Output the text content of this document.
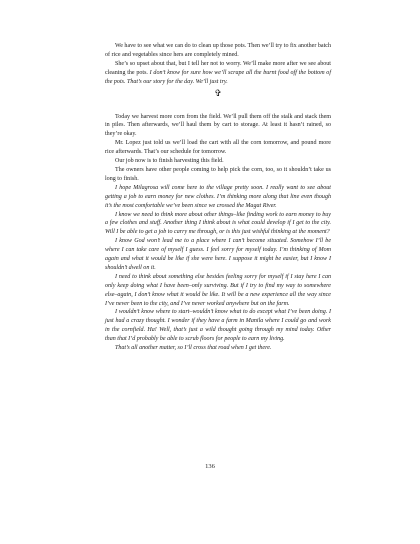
We have to see what we can do to clean up those pots. Then we’ll try to fix another batch of rice and vegetables since hers are completely mined.

She’s so upset about that, but I tell her not to worry. We’ll make more after we see about cleaning the pots. I don’t know for sure how we’ll scrape all the burnt food off the bottom of the pots. That’s our story for the day. We’ll just try.

✞

Today we harvest more corn from the field. We’ll pull them off the stalk and stack them in piles. Then afterwards, we’ll haul them by cart to storage. At least it hasn’t rained, so they’re okay.

Mr. Lopez just told us we’ll load the cart with all the corn tomorrow, and pound more rice afterwards. That’s our schedule for tomorrow.

Our job now is to finish harvesting this field.

The owners have other people coming to help pick the corn, too, so it shouldn’t take us long to finish.

I hope Milagrosa will come here to the village pretty soon. I really want to see about getting a job to earn money for new clothes. I’m thinking more along that line even though it’s the most comfortable we’ve been since we crossed the Magat River.

I know we need to think more about other things–like finding work to earn money to buy a few clothes and stuff. Another thing I think about is what could develop if I get to the city. Will I be able to get a job to carry me through, or is this just wishful thinking at the moment?

I know God won’t lead me to a place where I can’t become situated. Somehow I’ll be where I can take care of myself I guess. I feel sorry for myself today. I’m thinking of Mom again and what it would be like if she were here. I suppose it might be easier, but I know I shouldn’t dwell on it.

I need to think about something else besides feeling sorry for myself if I stay here I can only keep doing what I have been–only surviving. But if I try to find my way to somewhere else–again, I don’t know what it would be like. It will be a new experience all the way since I’ve never been to the city, and I’ve never worked anywhere but on the farm.

I wouldn’t know where to start–wouldn’t know what to do except what I’ve been doing. I just had a crazy thought. I wonder if they have a farm in Manila where I could go and work in the cornfield. Ha! Well, that’s just a wild thought going through my mind today. Other than that I’d probably be able to scrub floors for people to earn my living.

That’s all another matter, so I’ll cross that road when I get there.

136
